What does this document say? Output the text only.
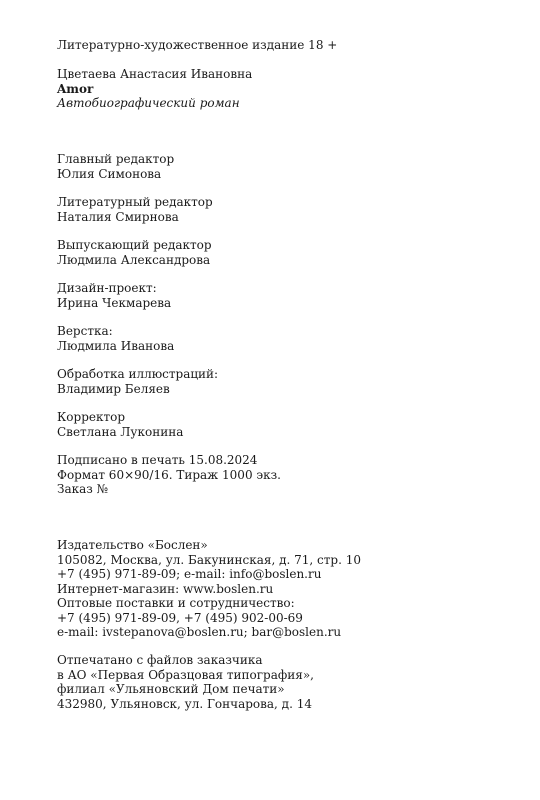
Литературно-художественное издание 18 +
Цветаева Анастасия Ивановна
Amor
Автобиографический роман
Главный редактор
Юлия Симонова
Литературный редактор
Наталия Смирнова
Выпускающий редактор
Людмила Александрова
Дизайн-проект:
Ирина Чекмарева
Верстка:
Людмила Иванова
Обработка иллюстраций:
Владимир Беляев
Корректор
Светлана Луконина
Подписано в печать 15.08.2024
Формат 60×90/16. Тираж 1000 экз.
Заказ №
Издательство «Бослен»
105082, Москва, ул. Бакунинская, д. 71, стр. 10
+7 (495) 971-89-09; e-mail: info@boslen.ru
Интернет-магазин: www.boslen.ru
Оптовые поставки и сотрудничество:
+7 (495) 971-89-09, +7 (495) 902-00-69
e-mail: ivstepanova@boslen.ru; bar@boslen.ru
Отпечатано с файлов заказчика
в АО «Первая Образцовая типография»,
филиал «Ульяновский Дом печати»
432980, Ульяновск, ул. Гончарова, д. 14
